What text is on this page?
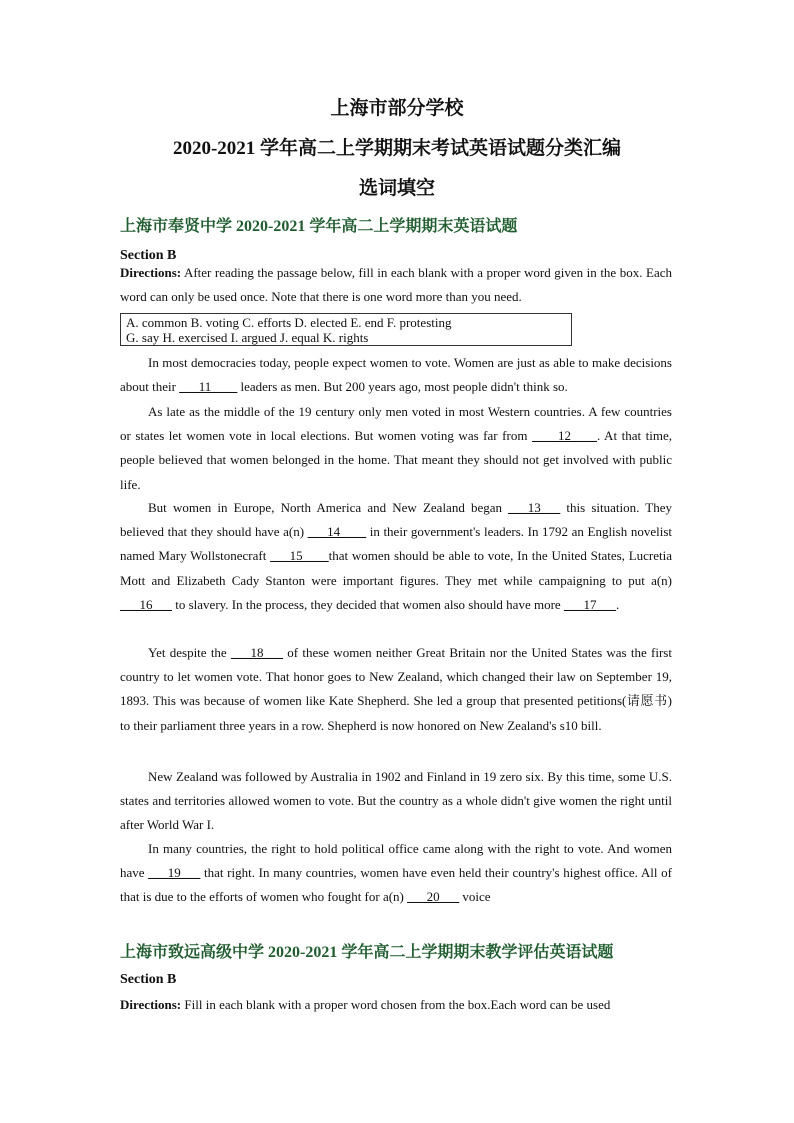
上海市部分学校
2020-2021 学年高二上学期期末考试英语试题分类汇编
选词填空
上海市奉贤中学 2020-2021 学年高二上学期期末英语试题
Section B

Directions: After reading the passage below, fill in each blank with a proper word given in the box. Each word can only be used once. Note that there is one word more than you need.

A. common B. voting C. efforts D. elected E. end F. protesting
G. say H. exercised I. argued J. equal K. rights

In most democracies today, people expect women to vote. Women are just as able to make decisions about their ___11____ leaders as men. But 200 years ago, most people didn't think so.

As late as the middle of the 19 century only men voted in most Western countries. A few countries or states let women vote in local elections. But women voting was far from ____12____. At that time, people believed that women belonged in the home. That meant they should not get involved with public life.

But women in Europe, North America and New Zealand began ___13___ this situation. They believed that they should have a(n) ___14____ in their government's leaders. In 1792 an English novelist named Mary Wollstonecraft ___15____that women should be able to vote, In the United States, Lucretia Mott and Elizabeth Cady Stanton were important figures. They met while campaigning to put a(n) ___16___ to slavery. In the process, they decided that women also should have more ___17___.

Yet despite the ___18___ of these women neither Great Britain nor the United States was the first country to let women vote. That honor goes to New Zealand, which changed their law on September 19, 1893. This was because of women like Kate Shepherd. She led a group that presented petitions(请愿书) to their parliament three years in a row. Shepherd is now honored on New Zealand's s10 bill.

New Zealand was followed by Australia in 1902 and Finland in 19 zero six. By this time, some U.S. states and territories allowed women to vote. But the country as a whole didn't give women the right until after World War I.

In many countries, the right to hold political office came along with the right to vote. And women have ___19___ that right. In many countries, women have even held their country's highest office. All of that is due to the efforts of women who fought for a(n) ___20___ voice

上海市致远高级中学 2020-2021 学年高二上学期期末教学评估英语试题
Section B

Directions: Fill in each blank with a proper word chosen from the box.Each word can be used
